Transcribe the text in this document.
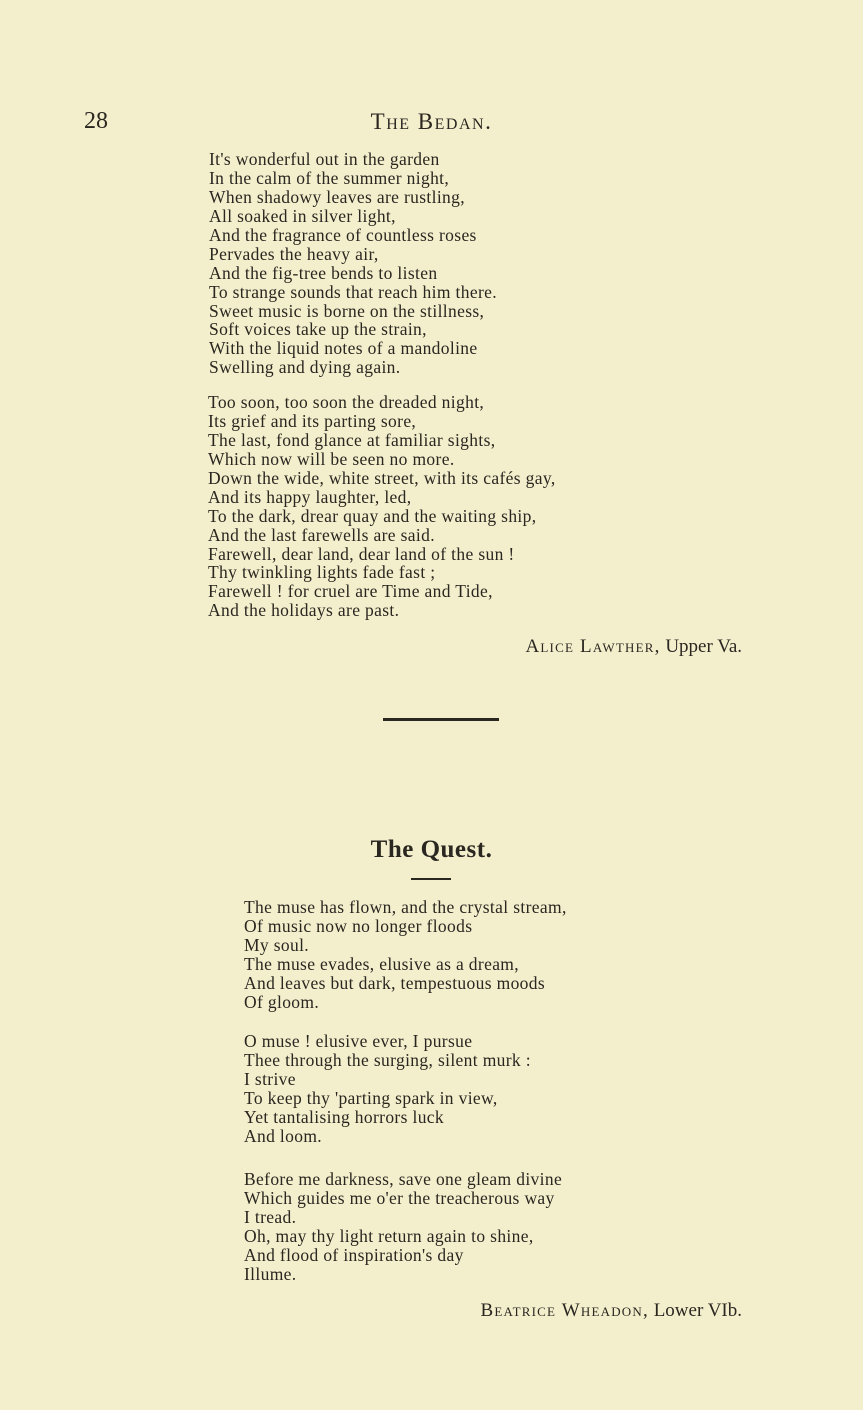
28	The Bedan.
It's wonderful out in the garden
In the calm of the summer night,
When shadowy leaves are rustling,
All soaked in silver light,
And the fragrance of countless roses
Pervades the heavy air,
And the fig-tree bends to listen
To strange sounds that reach him there.
Sweet music is borne on the stillness,
Soft voices take up the strain,
With the liquid notes of a mandoline
Swelling and dying again.
Too soon, too soon the dreaded night,
Its grief and its parting sore,
The last, fond glance at familiar sights,
Which now will be seen no more.
Down the wide, white street, with its cafés gay,
And its happy laughter, led,
To the dark, drear quay and the waiting ship,
And the last farewells are said.
Farewell, dear land, dear land of the sun !
Thy twinkling lights fade fast ;
Farewell ! for cruel are Time and Tide,
And the holidays are past.
Alice Lawther, Upper Va.
The Quest.
The muse has flown, and the crystal stream,
Of music now no longer floods
My soul.
The muse evades, elusive as a dream,
And leaves but dark, tempestuous moods
Of gloom.
O muse ! elusive ever, I pursue
Thee through the surging, silent murk :
I strive
To keep thy 'parting spark in view,
Yet tantalising horrors luck
And loom.
Before me darkness, save one gleam divine
Which guides me o'er the treacherous way
I tread.
Oh, may thy light return again to shine,
And flood of inspiration's day
Illume.
Beatrice Wheadon, Lower VIb.
